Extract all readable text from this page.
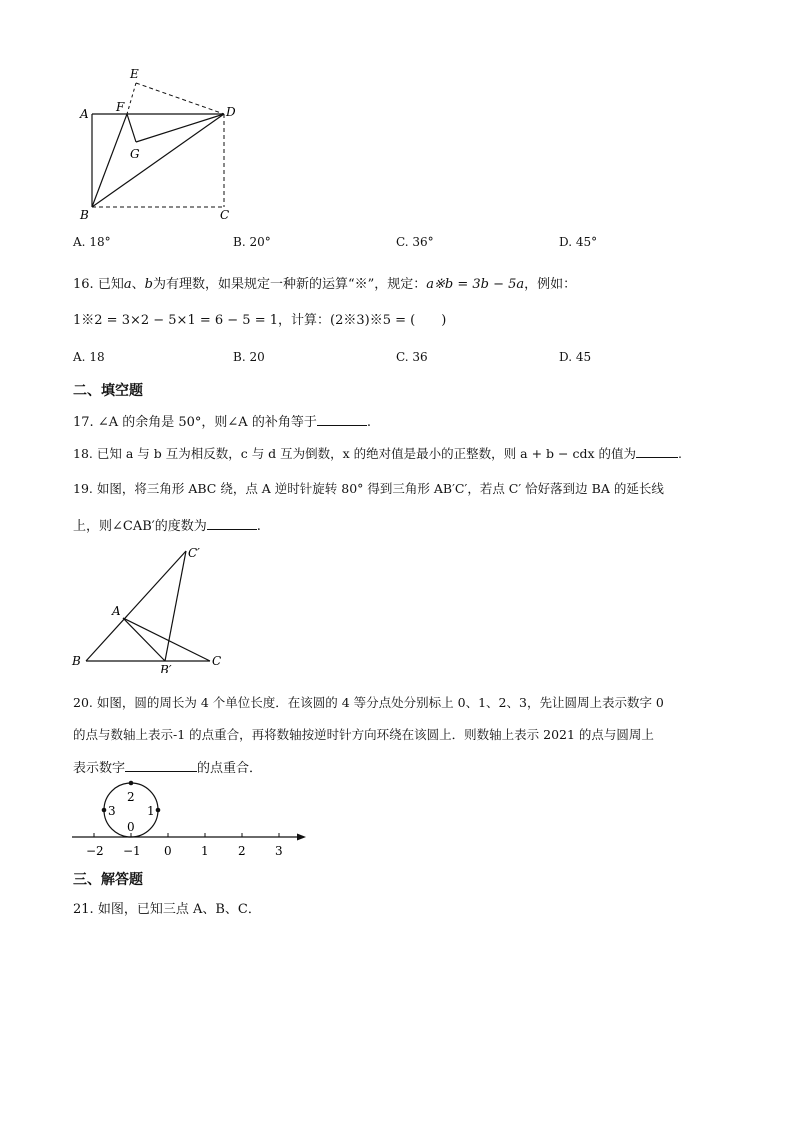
E
A F	D
G
B	C
A. 18°	B. 20°	C. 36°	D. 45°
16. 已知a、b为有理数，如果规定一种新的运算“※”，规定：a※b = 3b − 5a，例如：
1※2 = 3×2 − 5×1 = 6 − 5 = 1，计算：(2※3)※5 = (　　)
A. 18	B. 20	C. 36	D. 45
二、填空题
17. ∠A 的余角是 50°，则∠A 的补角等于	.
18. 已知 a 与 b 互为相反数，c 与 d 互为倒数，x 的绝对值是最小的正整数，则 a + b − cdx 的值为	.
19. 如图，将三角形 ABC 绕，点 A 逆时针旋转 80° 得到三角形 AB′C′，若点 C′ 恰好落到边 BA 的延长线
上，则∠CAB′的度数为	.
C′
A
B
B′
C
20. 如图，圆的周长为 4 个单位长度．在该圆的 4 等分点处分别标上 0、1、2、3，先让圆周上表示数字 0
的点与数轴上表示-1 的点重合，再将数轴按逆时针方向环绕在该圆上．则数轴上表示 2021 的点与圆周上
表示数字	的点重合．
2
3	1
0
−2 −1 0 1 2 3
三、解答题
21. 如图，已知三点 A、B、C．
